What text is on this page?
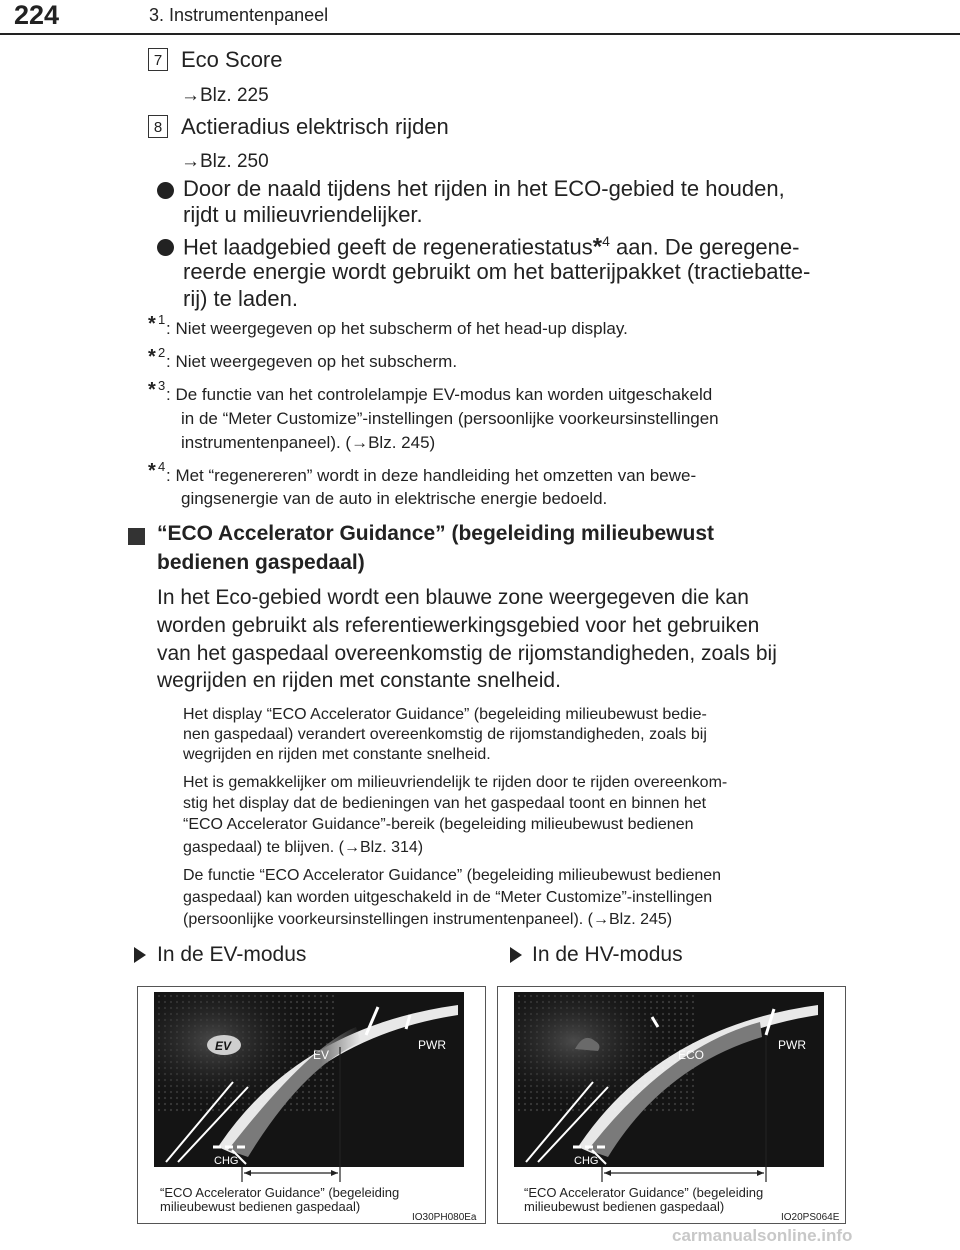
224	3. Instrumentenpaneel
7 Eco Score
→Blz. 225
8 Actieradius elektrisch rijden
→Blz. 250
Door de naald tijdens het rijden in het ECO-gebied te houden,
rijdt u milieuvriendelijker.
Het laadgebied geeft de regeneratiestatus*$^4$ aan. De geregene-
reerde energie wordt gebruikt om het batterijpakket (tractiebatte-
rij) te laden.
* 1 : Niet weergegeven op het subscherm of het head-up display.
* 2 : Niet weergegeven op het subscherm.
* 3 : De functie van het controlelampje EV-modus kan worden uitgeschakeld
in de “Meter Customize”-instellingen (persoonlijke voorkeursinstellingen
instrumentenpaneel). (→Blz. 245)
* 4 : Met “regenereren” wordt in deze handleiding het omzetten van bewe-
gingsenergie van de auto in elektrische energie bedoeld.
“ECO Accelerator Guidance” (begeleiding milieubewust
bedienen gaspedaal)
In het Eco-gebied wordt een blauwe zone weergegeven die kan
worden gebruikt als referentiewerkingsgebied voor het gebruiken
van het gaspedaal overeenkomstig de rijomstandigheden, zoals bij
wegrijden en rijden met constante snelheid.
Het display “ECO Accelerator Guidance” (begeleiding milieubewust bedie-
nen gaspedaal) verandert overeenkomstig de rijomstandigheden, zoals bij
wegrijden en rijden met constante snelheid.
Het is gemakkelijker om milieuvriendelijk te rijden door te rijden overeenkom-
stig het display dat de bedieningen van het gaspedaal toont en binnen het
“ECO Accelerator Guidance”-bereik (begeleiding milieubewust bedienen
gaspedaal) te blijven. (→Blz. 314)
De functie “ECO Accelerator Guidance” (begeleiding milieubewust bedienen
gaspedaal) kan worden uitgeschakeld in de “Meter Customize”-instellingen
(persoonlijke voorkeursinstellingen instrumentenpaneel). (→Blz. 245)
In de EV-modus	In de HV-modus
EV
EV
PWR
CHG
“ECO Accelerator Guidance” (begeleiding
milieubewust bedienen gaspedaal)
IO30PH080Ea
ECO
PWR
CHG
“ECO Accelerator Guidance” (begeleiding
milieubewust bedienen gaspedaal)
IO20PS064E
carmanualsonline.info
